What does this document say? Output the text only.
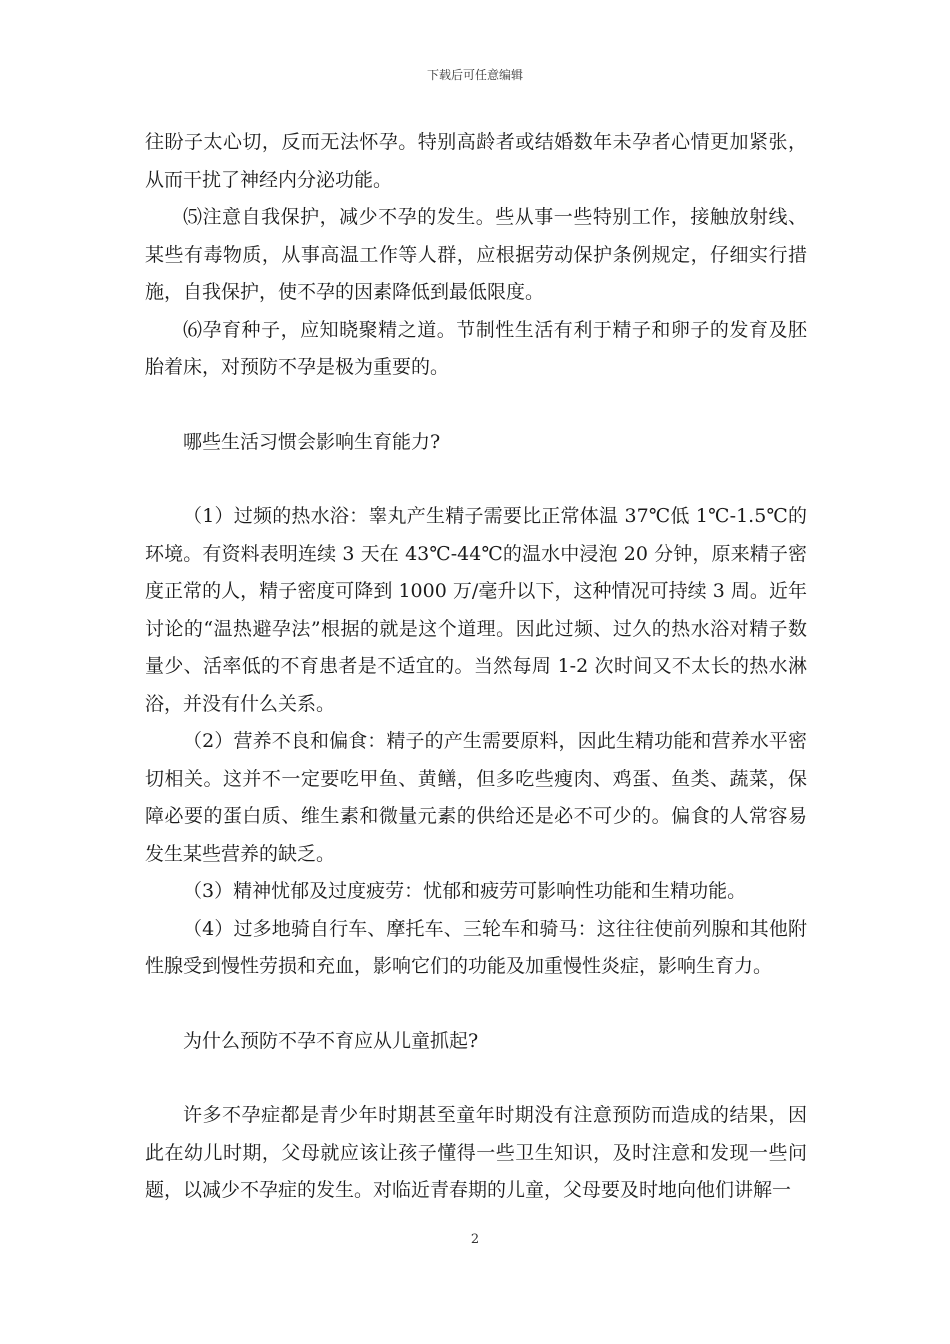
下载后可任意编辑

往盼子太心切，反而无法怀孕。特别高龄者或结婚数年未孕者心情更加紧张，从而干扰了神经内分泌功能。

⑸注意自我保护，减少不孕的发生。些从事一些特别工作，接触放射线、某些有毒物质，从事高温工作等人群，应根据劳动保护条例规定，仔细实行措施，自我保护，使不孕的因素降低到最低限度。

⑹孕育种子，应知晓聚精之道。节制性生活有利于精子和卵子的发育及胚胎着床，对预防不孕是极为重要的。

哪些生活习惯会影响生育能力?

（1）过频的热水浴：睾丸产生精子需要比正常体温 37℃低 1℃-1.5℃的环境。有资料表明连续 3 天在 43℃-44℃的温水中浸泡 20 分钟，原来精子密度正常的人，精子密度可降到 1000 万/毫升以下，这种情况可持续 3 周。近年讨论的“温热避孕法”根据的就是这个道理。因此过频、过久的热水浴对精子数量少、活率低的不育患者是不适宜的。当然每周 1-2 次时间又不太长的热水淋浴，并没有什么关系。

（2）营养不良和偏食：精子的产生需要原料，因此生精功能和营养水平密切相关。这并不一定要吃甲鱼、黄鳝，但多吃些瘦肉、鸡蛋、鱼类、蔬菜，保障必要的蛋白质、维生素和微量元素的供给还是必不可少的。偏食的人常容易发生某些营养的缺乏。

（3）精神忧郁及过度疲劳：忧郁和疲劳可影响性功能和生精功能。

（4）过多地骑自行车、摩托车、三轮车和骑马：这往往使前列腺和其他附性腺受到慢性劳损和充血，影响它们的功能及加重慢性炎症，影响生育力。

为什么预防不孕不育应从儿童抓起?

许多不孕症都是青少年时期甚至童年时期没有注意预防而造成的结果，因此在幼儿时期，父母就应该让孩子懂得一些卫生知识，及时注意和发现一些问题，以减少不孕症的发生。对临近青春期的儿童，父母要及时地向他们讲解一

2
